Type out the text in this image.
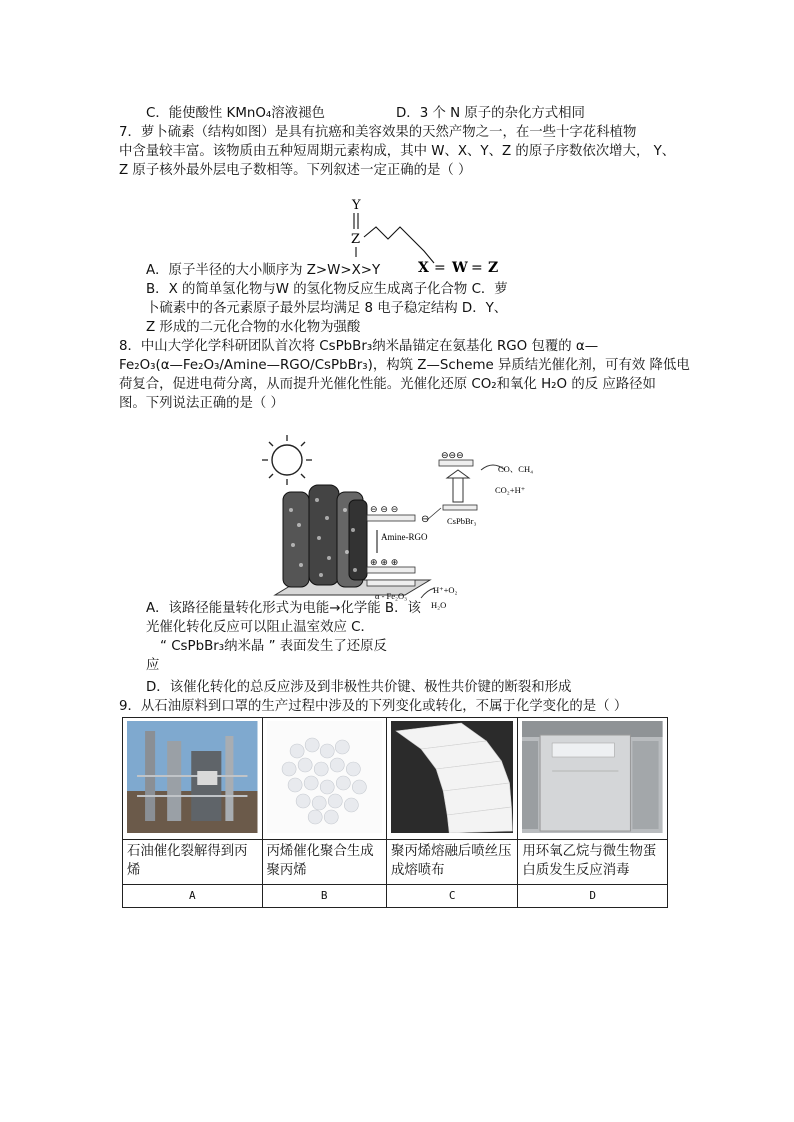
C．能使酸性 KMnO₄溶液褪色	D．3 个 N 原子的杂化方式相同
7．萝卜硫素（结构如图）是具有抗癌和美容效果的天然产物之一，在一些十字花科植物
中含量较丰富。该物质由五种短周期元素构成，其中 W、X、Y、Z 的原子序数依次增大， Y、
Z 原子核外最外层电子数相等。下列叙述一定正确的是（ ）
Y
Z
X = W = Z
A．原子半径的大小顺序为 Z>W>X>Y
B．X 的简单氢化物与W 的氢化物反应生成离子化合物 C．萝
卜硫素中的各元素原子最外层均满足 8 电子稳定结构 D．Y、
Z 形成的二元化合物的水化物为强酸
8．中山大学化学科研团队首次将 CsPbBr₃纳米晶锚定在氨基化 RGO 包覆的 α—
Fe₂O₃(α—Fe₂O₃/Amine—RGO/CsPbBr₃)，构筑 Z—Scheme 异质结光催化剂，可有效 降低电
荷复合，促进电荷分离，从而提升光催化性能。光催化还原 CO₂和氧化 H₂O 的反 应路径如
图。下列说法正确的是（ ）
⊖ ⊖ ⊖
⊕ ⊕ ⊕
Amine-RGO
CsPbBr₃
⊖
⊖⊖⊖
CO、CH₄
CO₂+H⁺
α - Fe₂O₃
H⁺+O₂
H₂O
A．该路径能量转化形式为电能→化学能 B．该
光催化转化反应可以阻止温室效应 C．
“ CsPbBr₃纳米晶 ” 表面发生了还原反
应
D．该催化转化的总反应涉及到非极性共价键、极性共价键的断裂和形成
9．从石油原料到口罩的生产过程中涉及的下列变化或转化，不属于化学变化的是（ ）

石油催化裂解得到丙烯	丙烯催化聚合生成聚丙烯	聚丙烯熔融后喷丝压成熔喷布	用环氧乙烷与微生物蛋白质发生反应消毒
A	B	C	D
